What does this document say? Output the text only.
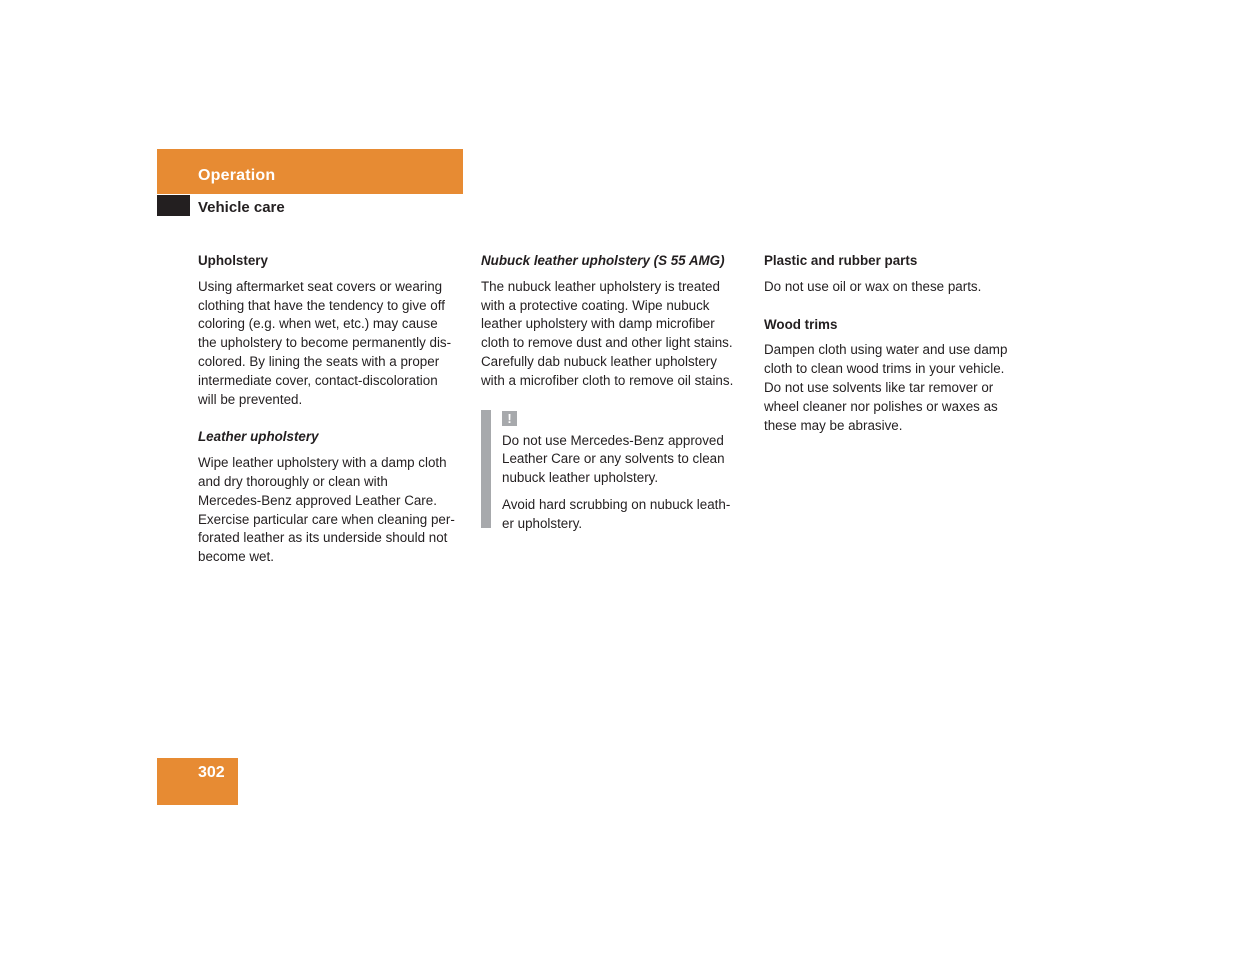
Operation
Vehicle care
Upholstery

Using aftermarket seat covers or wearing
clothing that have the tendency to give off
coloring (e.g. when wet, etc.) may cause
the upholstery to become permanently dis-
colored. By lining the seats with a proper
intermediate cover, contact-discoloration
will be prevented.

Leather upholstery

Wipe leather upholstery with a damp cloth
and dry thoroughly or clean with
Mercedes-Benz approved Leather Care.
Exercise particular care when cleaning per-
forated leather as its underside should not
become wet.

Nubuck leather upholstery (S 55 AMG)

The nubuck leather upholstery is treated
with a protective coating. Wipe nubuck
leather upholstery with damp microfiber
cloth to remove dust and other light stains.
Carefully dab nubuck leather upholstery
with a microfiber cloth to remove oil stains.

!

Do not use Mercedes-Benz approved
Leather Care or any solvents to clean
nubuck leather upholstery.

Avoid hard scrubbing on nubuck leath-
er upholstery.

Plastic and rubber parts

Do not use oil or wax on these parts.

Wood trims

Dampen cloth using water and use damp
cloth to clean wood trims in your vehicle.
Do not use solvents like tar remover or
wheel cleaner nor polishes or waxes as
these may be abrasive.

302
